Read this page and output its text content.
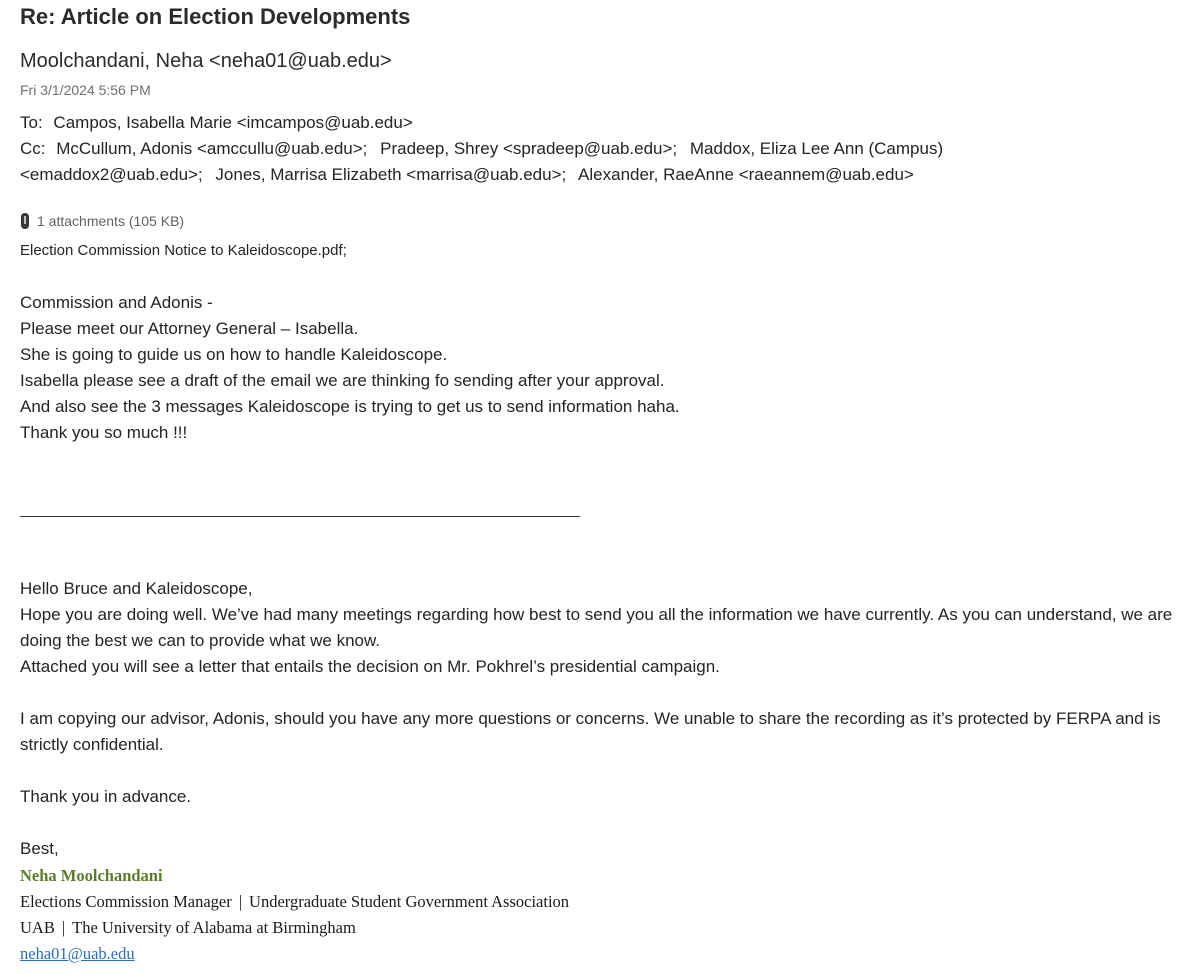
Re: Article on Election Developments
Moolchandani, Neha <neha01@uab.edu>
Fri 3/1/2024 5:56 PM
To: Campos, Isabella Marie <imcampos@uab.edu>
Cc: McCullum, Adonis <amccullu@uab.edu>; Pradeep, Shrey <spradeep@uab.edu>; Maddox, Eliza Lee Ann (Campus)
<emaddox2@uab.edu>; Jones, Marrisa Elizabeth <marrisa@uab.edu>; Alexander, RaeAnne <raeannem@uab.edu>
1 attachments (105 KB)
Election Commission Notice to Kaleidoscope.pdf;
Commission and Adonis -
Please meet our Attorney General – Isabella.
She is going to guide us on how to handle Kaleidoscope.
Isabella please see a draft of the email we are thinking fo sending after your approval.
And also see the 3 messages Kaleidoscope is trying to get us to send information haha.
Thank you so much !!!

Hello Bruce and Kaleidoscope,

Hope you are doing well. We’ve had many meetings regarding how best to send you all the information we have currently. As you can understand, we are doing the best we can to provide what we know.

Attached you will see a letter that entails the decision on Mr. Pokhrel’s presidential campaign.

I am copying our advisor, Adonis, should you have any more questions or concerns. We unable to share the recording as it’s protected by FERPA and is strictly confidential.

Thank you in advance.

Best,

Neha Moolchandani
Elections Commission Manager | Undergraduate Student Government Association
UAB | The University of Alabama at Birmingham
neha01@uab.edu
